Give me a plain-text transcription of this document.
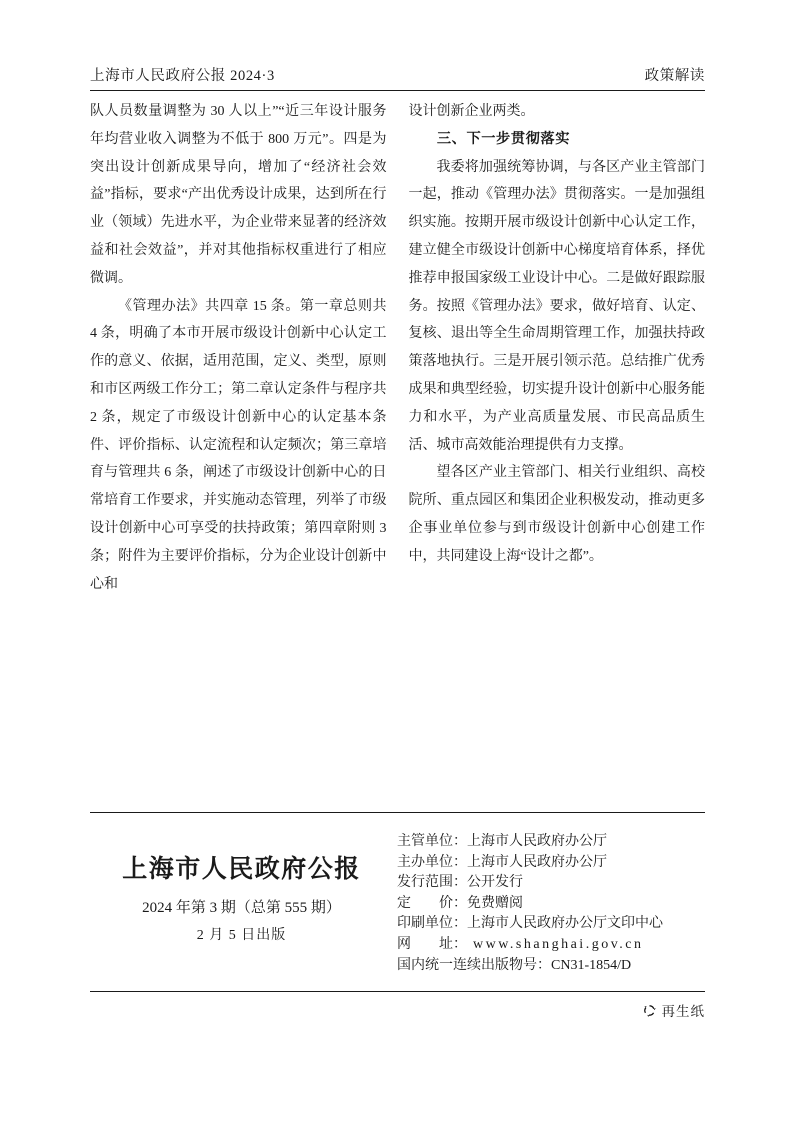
上海市人民政府公报 2024·3	政策解读

队人员数量调整为 30 人以上”“近三年设计服务年均营业收入调整为不低于 800 万元”。四是为突出设计创新成果导向，增加了“经济社会效益”指标，要求“产出优秀设计成果，达到所在行业（领域）先进水平，为企业带来显著的经济效益和社会效益”，并对其他指标权重进行了相应微调。

《管理办法》共四章 15 条。第一章总则共 4 条，明确了本市开展市级设计创新中心认定工作的意义、依据，适用范围，定义、类型，原则和市区两级工作分工；第二章认定条件与程序共 2 条，规定了市级设计创新中心的认定基本条件、评价指标、认定流程和认定频次；第三章培育与管理共 6 条，阐述了市级设计创新中心的日常培育工作要求，并实施动态管理，列举了市级设计创新中心可享受的扶持政策；第四章附则 3 条；附件为主要评价指标，分为企业设计创新中心和

设计创新企业两类。

三、下一步贯彻落实

我委将加强统筹协调，与各区产业主管部门一起，推动《管理办法》贯彻落实。一是加强组织实施。按期开展市级设计创新中心认定工作，建立健全市级设计创新中心梯度培育体系，择优推荐申报国家级工业设计中心。二是做好跟踪服务。按照《管理办法》要求，做好培育、认定、复核、退出等全生命周期管理工作，加强扶持政策落地执行。三是开展引领示范。总结推广优秀成果和典型经验，切实提升设计创新中心服务能力和水平，为产业高质量发展、市民高品质生活、城市高效能治理提供有力支撑。

望各区产业主管部门、相关行业组织、高校院所、重点园区和集团企业积极发动，推动更多企事业单位参与到市级设计创新中心创建工作中，共同建设上海“设计之都”。

上海市人民政府公报
2024 年第 3 期（总第 555 期）
2 月 5 日出版
主管单位：上海市人民政府办公厅
主办单位：上海市人民政府办公厅
发行范围：公开发行
定　　价：免费赠阅
印刷单位：上海市人民政府办公厅文印中心
网　　址： www.shanghai.gov.cn
国内统一连续出版物号：CN31-1854/D
再生纸
